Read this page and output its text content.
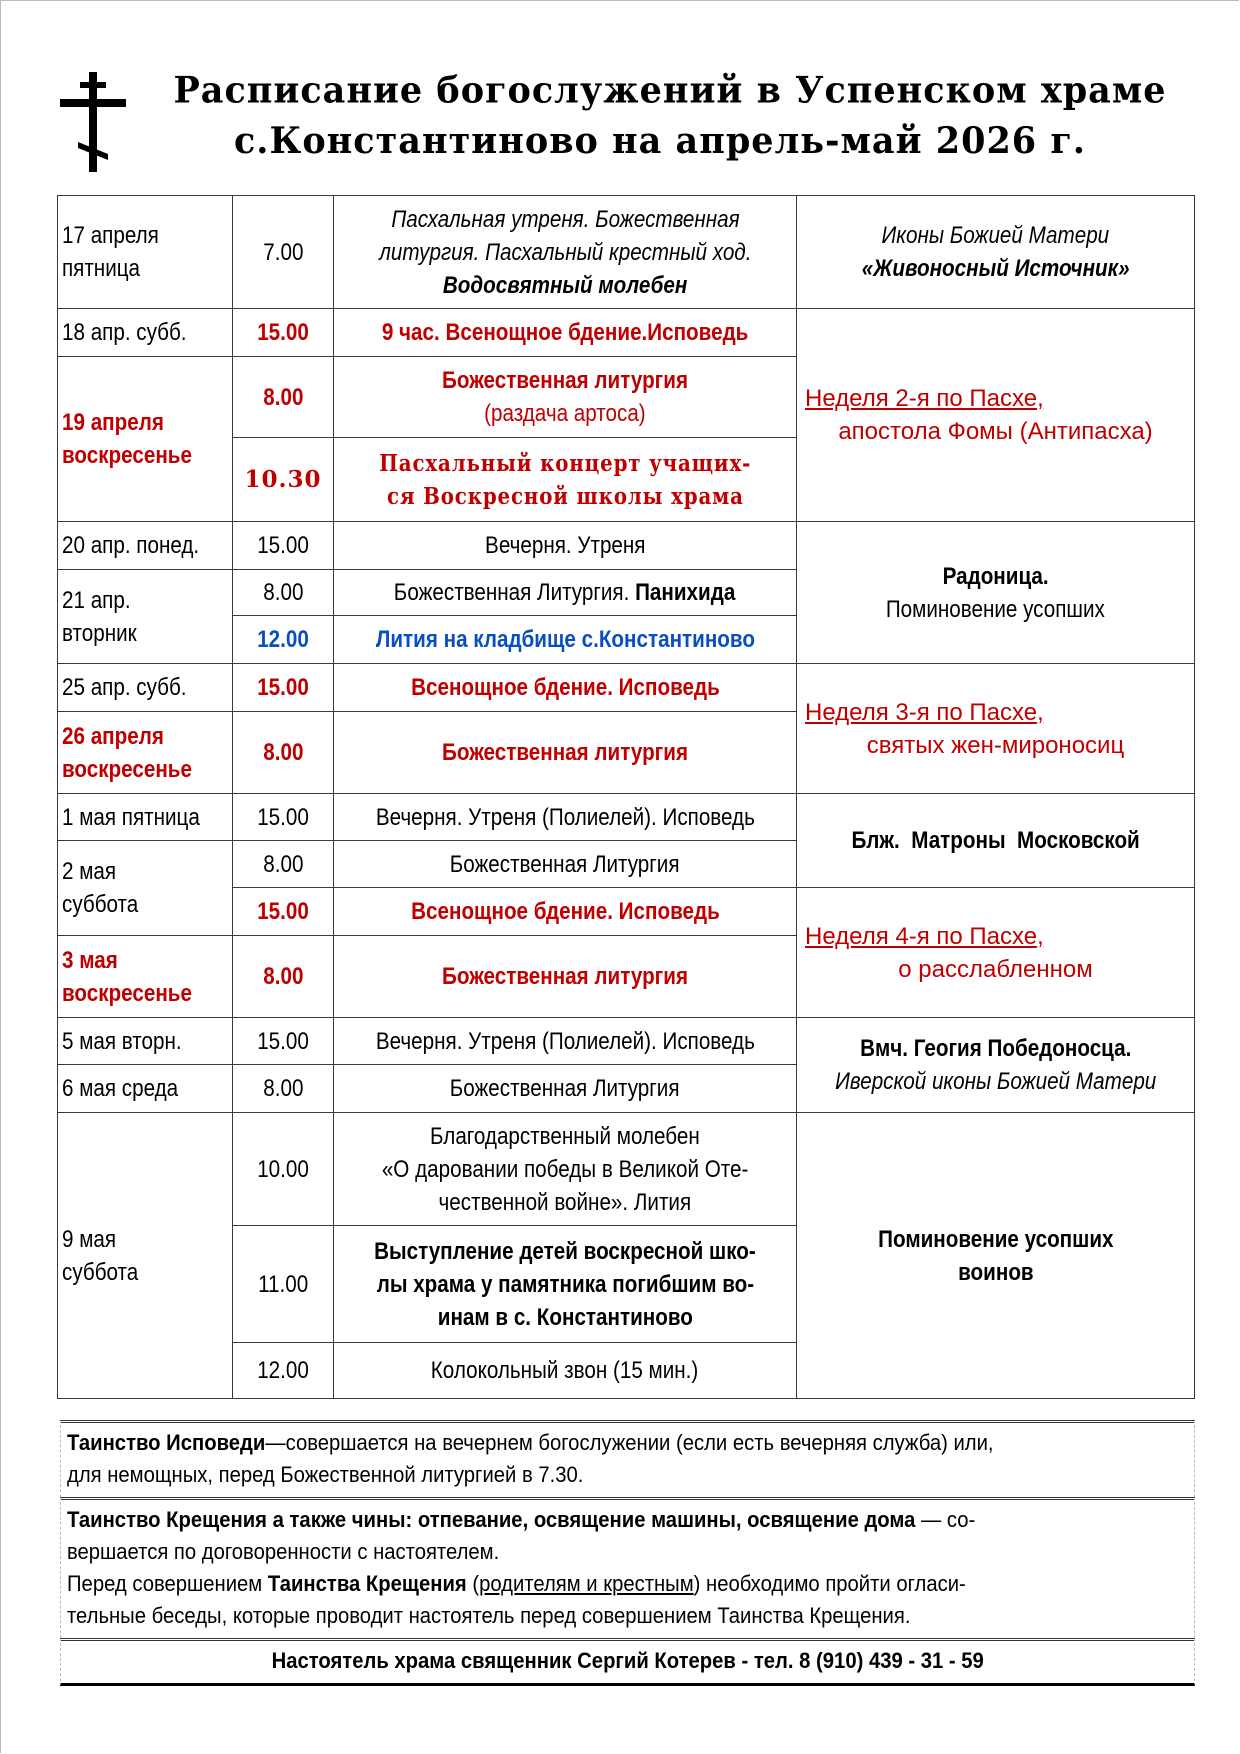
Расписание богослужений в Успенском храме
с.Константиново на апрель-май 2026 г.
17 апреля
пятница	7.00	Пасхальная утреня. Божественная
литургия. Пасхальный крестный ход.
Водосвятный молебен	Иконы Божией Матери
«Живоносный Источник»
18 апр. субб.	15.00	9 час. Всенощное бдение.Исповедь	Неделя 2-я по Пасхе,
апостола Фомы (Антипасха)
19 апреля
воскресенье	8.00	Божественная литургия
(раздача артоса)	
	10.30	Пасхальный концерт учащих-
ся Воскресной школы храма	
20 апр. понед.	15.00	Вечерня. Утреня	Радоница.
Поминовение усопших
21 апр.
вторник	8.00	Божественная Литургия. Панихида	
	12.00	Лития на кладбище с.Константиново	
25 апр. субб.	15.00	Всенощное бдение. Исповедь	Неделя 3-я по Пасхе,
святых жен-мироносиц
26 апреля
воскресенье	8.00	Божественная литургия	
1 мая пятница	15.00	Вечерня. Утреня (Полиелей). Исповедь	Блж.  Матроны  Московской
2 мая
суббота	8.00	Божественная Литургия	
	15.00	Всенощное бдение. Исповедь	Неделя 4-я по Пасхе,
о расслабленном
3 мая
воскресенье	8.00	Божественная литургия	
5 мая вторн.	15.00	Вечерня. Утреня (Полиелей). Исповедь	Вмч. Геогия Победоносца.
Иверской иконы Божией Матери
6 мая среда	8.00	Божественная Литургия	
9 мая
суббота	10.00	Благодарственный молебен
«О даровании победы в Великой Оте-
чественной войне». Лития	Поминовение усопших
воинов
	11.00	Выступление детей воскресной шко-
лы храма у памятника погибшим во-
инам в с. Константиново	
	12.00	Колокольный звон (15 мин.)	
Таинство Исповеди—совершается на вечернем богослужении (если есть вечерняя служба) или,
для немощных, перед Божественной литургией в 7.30.
Таинство Крещения а также чины: отпевание, освящение машины, освящение дома — со-
вершается по договоренности с настоятелем.
Перед совершением Таинства Крещения (родителям и крестным) необходимо пройти огласи-
тельные беседы, которые проводит настоятель перед совершением Таинства Крещения.
Настоятель храма священник Сергий Котерев - тел. 8 (910) 439 - 31 - 59
